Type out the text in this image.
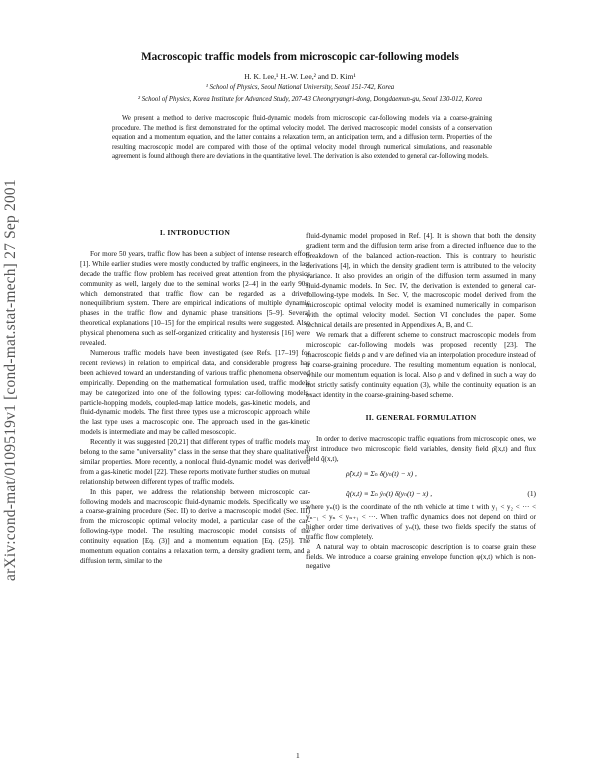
arXiv:cond-mat/0109519v1 [cond-mat.stat-mech] 27 Sep 2001
Macroscopic traffic models from microscopic car-following models
H. K. Lee,¹ H.-W. Lee,² and D. Kim¹
¹ School of Physics, Seoul National University, Seoul 151-742, Korea
² School of Physics, Korea Institute for Advanced Study, 207-43 Cheongryangri-dong, Dongdaemun-gu, Seoul 130-012, Korea

We present a method to derive macroscopic fluid-dynamic models from microscopic car-following models via a coarse-graining procedure. The method is first demonstrated for the optimal velocity model. The derived macroscopic model consists of a conservation equation and a momentum equation, and the latter contains a relaxation term, an anticipation term, and a diffusion term. Properties of the resulting macroscopic model are compared with those of the optimal velocity model through numerical simulations, and reasonable agreement is found although there are deviations in the quantitative level. The derivation is also extended to general car-following models.

I. INTRODUCTION

For more 50 years, traffic flow has been a subject of intense research effort [1]. While earlier studies were mostly conducted by traffic engineers, in the last decade the traffic flow problem has received great attention from the physics community as well, largely due to the seminal works [2–4] in the early 90s, which demonstrated that traffic flow can be regarded as a driven nonequilibrium system. There are empirical indications of multiple dynamic phases in the traffic flow and dynamic phase transitions [5–9]. Several theoretical explanations [10–15] for the empirical results were suggested. Also physical phenomena such as self-organized criticality and hysteresis [16] were revealed.

Numerous traffic models have been investigated (see Refs. [17–19] for recent reviews) in relation to empirical data, and considerable progress has been achieved toward an understanding of various traffic phenomena observed empirically. Depending on the mathematical formulation used, traffic models may be categorized into one of the following types: car-following models, particle-hopping models, coupled-map lattice models, gas-kinetic models, and fluid-dynamic models. The first three types use a microscopic approach while the last type uses a macroscopic one. The approach used in the gas-kinetic models is intermediate and may be called mesoscopic.

Recently it was suggested [20,21] that different types of traffic models may belong to the same "universality" class in the sense that they share qualitatively similar properties. More recently, a nonlocal fluid-dynamic model was derived from a gas-kinetic model [22]. These reports motivate further studies on mutual relationship between different types of traffic models.

In this paper, we address the relationship between microscopic car-following models and macroscopic fluid-dynamic models. Specifically we use a coarse-graining procedure (Sec. II) to derive a macroscopic model (Sec. III) from the microscopic optimal velocity model, a particular case of the car-following-type model. The resulting macroscopic model consists of the continuity equation [Eq. (3)] and a momentum equation [Eq. (25)]. The momentum equation contains a relaxation term, a density gradient term, and a diffusion term, similar to the

fluid-dynamic model proposed in Ref. [4]. It is shown that both the density gradient term and the diffusion term arise from a directed influence due to the breakdown of the balanced action-reaction. This is contrary to heuristic derivations [4], in which the density gradient term is attributed to the velocity variance. It also provides an origin of the diffusion term assumed in many fluid-dynamic models. In Sec. IV, the derivation is extended to general car-following-type models. In Sec. V, the macroscopic model derived from the microscopic optimal velocity model is examined numerically in comparison with the optimal velocity model. Section VI concludes the paper. Some technical details are presented in Appendixes A, B, and C.

We remark that a different scheme to construct macroscopic models from microscopic car-following models was proposed recently [23]. The macroscopic fields ρ and v are defined via an interpolation procedure instead of a coarse-graining procedure. The resulting momentum equation is nonlocal, while our momentum equation is local. Also ρ and v defined in such a way do not strictly satisfy continuity equation (3), while the continuity equation is an exact identity in the coarse-graining-based scheme.

II. GENERAL FORMULATION

In order to derive macroscopic traffic equations from microscopic ones, we first introduce two microscopic field variables, density field ρ̂(x,t) and flux field q̂(x,t),

ρ̂(x,t) ≡ Σₙ δ(yₙ(t) − x) ,
q̂(x,t) ≡ Σₙ ẏₙ(t) δ(yₙ(t) − x) ,	(1)

where yₙ(t) is the coordinate of the nth vehicle at time t with y₁ < y₂ < ··· < yₙ₋₁ < yₙ < yₙ₊₁ < ···. When traffic dynamics does not depend on third or higher order time derivatives of yₙ(t), these two fields specify the status of traffic flow completely.

A natural way to obtain macroscopic description is to coarse grain these fields. We introduce a coarse graining envelope function φ(x,t) which is non-negative

1
